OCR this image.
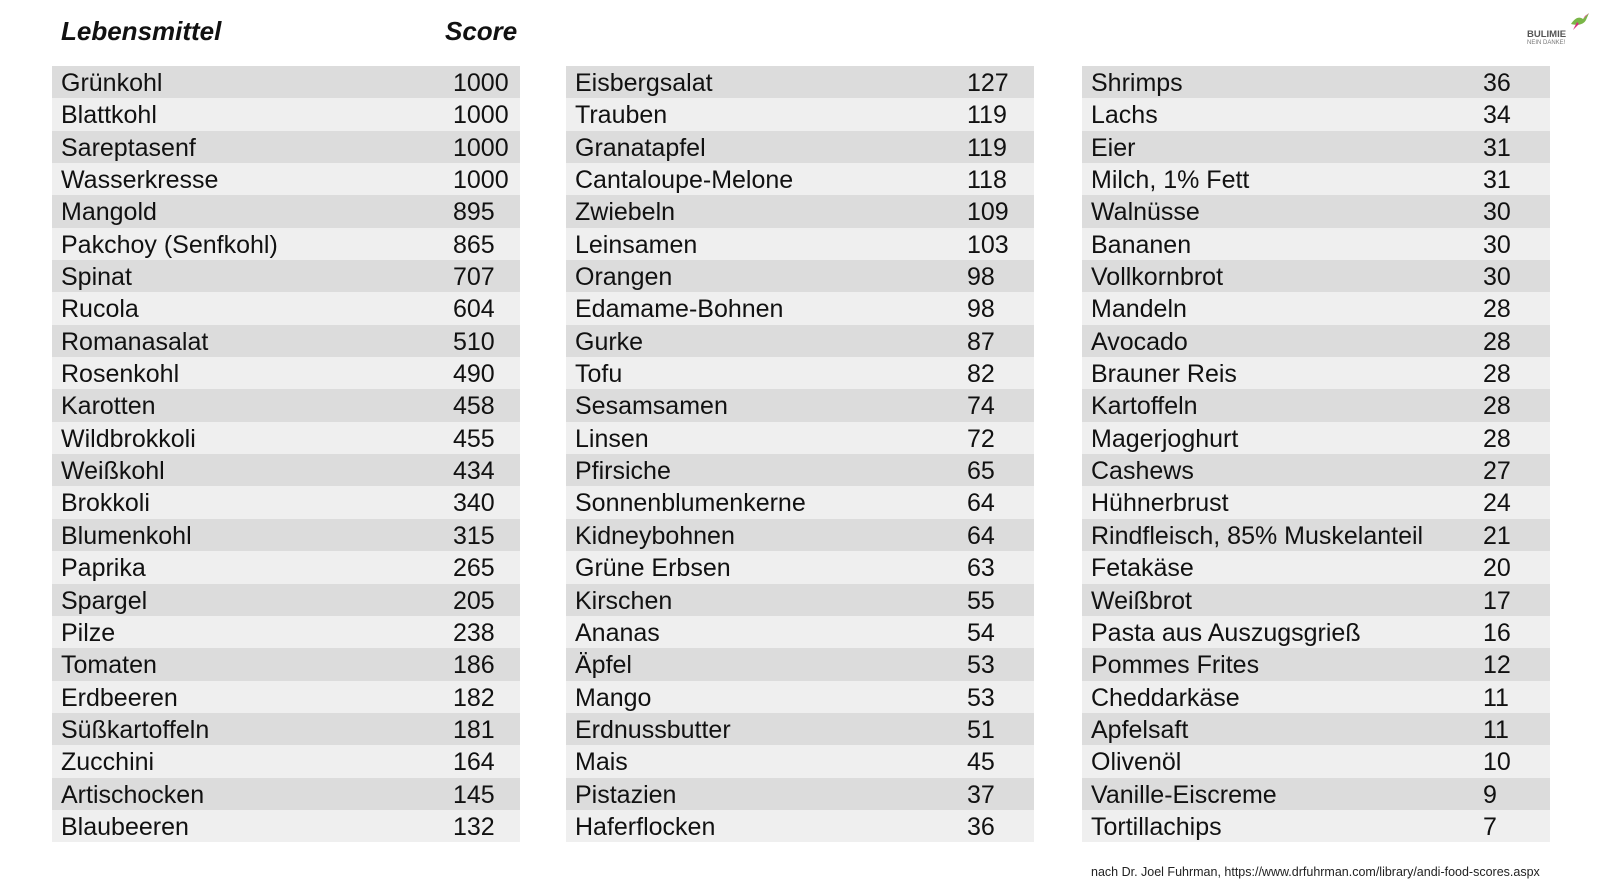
Lebensmittel	Score	BULIMIE
NEIN DANKE!
Grünkohl	1000
Blattkohl	1000
Sareptasenf	1000
Wasserkresse	1000
Mangold	895
Pakchoy (Senfkohl)	865
Spinat	707
Rucola	604
Romanasalat	510
Rosenkohl	490
Karotten	458
Wildbrokkoli	455
Weißkohl	434
Brokkoli	340
Blumenkohl	315
Paprika	265
Spargel	205
Pilze	238
Tomaten	186
Erdbeeren	182
Süßkartoffeln	181
Zucchini	164
Artischocken	145
Blaubeeren	132
Eisbergsalat	127
Trauben	119
Granatapfel	119
Cantaloupe-Melone	118
Zwiebeln	109
Leinsamen	103
Orangen	98
Edamame-Bohnen	98
Gurke	87
Tofu	82
Sesamsamen	74
Linsen	72
Pfirsiche	65
Sonnenblumenkerne	64
Kidneybohnen	64
Grüne Erbsen	63
Kirschen	55
Ananas	54
Äpfel	53
Mango	53
Erdnussbutter	51
Mais	45
Pistazien	37
Haferflocken	36
Shrimps	36
Lachs	34
Eier	31
Milch, 1% Fett	31
Walnüsse	30
Bananen	30
Vollkornbrot	30
Mandeln	28
Avocado	28
Brauner Reis	28
Kartoffeln	28
Magerjoghurt	28
Cashews	27
Hühnerbrust	24
Rindfleisch, 85% Muskelanteil 21
Fetakäse	20
Weißbrot	17
Pasta aus Auszugsgrieß	16
Pommes Frites	12
Cheddarkäse	11
Apfelsaft	11
Olivenöl	10
Vanille-Eiscreme	9
Tortillachips	7
nach Dr. Joel Fuhrman, https://www.drfuhrman.com/library/andi-food-scores.aspx
